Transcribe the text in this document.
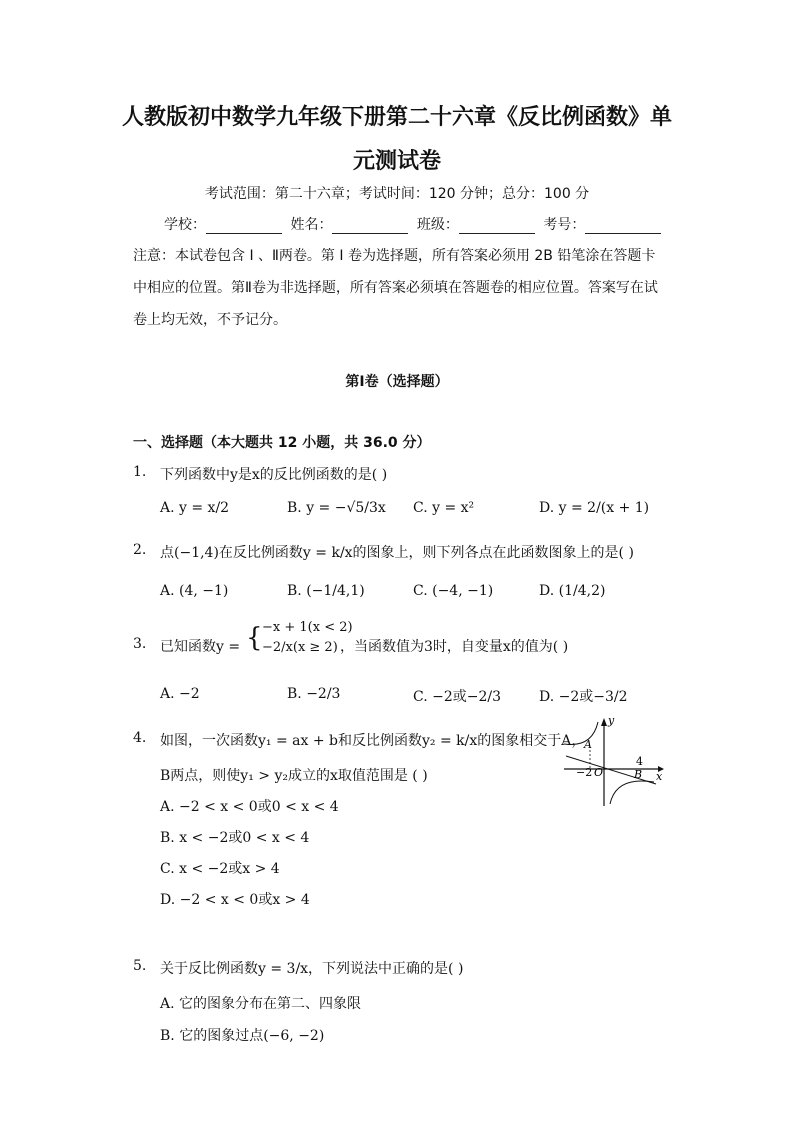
人教版初中数学九年级下册第二十六章《反比例函数》单
元测试卷
考试范围：第二十六章；考试时间：120 分钟；总分：100 分
学校：	姓名：	班级：	考号：
注意：本试卷包含 Ⅰ 、Ⅱ两卷。第 Ⅰ 卷为选择题，所有答案必须用 2B 铅笔涂在答题卡
中相应的位置。第Ⅱ卷为非选择题，所有答案必须填在答题卷的相应位置。答案写在试
卷上均无效，不予记分。
第Ⅰ卷（选择题）
一、选择题（本大题共 12 小题，共 36.0 分）
1. 下列函数中y是x的反比例函数的是( )
A. y = x/2	B. y = −√5/3x C. y = x²	D. y = 2/(x + 1)
2. 点(−1,4)在反比例函数y = k/x的图象上，则下列各点在此函数图象上的是( )
A. (4, −1)	B. (−1/4,1)	C. (−4, −1)	D. (1/4,2)
3. 已知函数y = { −x + 1(x < 2)
−2/x(x ≥ 2) ，当函数值为3时，自变量x的值为( )
A. −2	B. −2/3	C. −2或−2/3	D. −2或−3/2
4. 如图，一次函数y₁ = ax + b和反比例函数y₂ = k/x的图象相交于A，
B两点，则使y₁ > y₂成立的x取值范围是 ( )
A. −2 < x < 0或0 < x < 4
B. x < −2或0 < x < 4
C. x < −2或x > 4
D. −2 < x < 0或x > 4
y
x
A
B
−2 O
4
5. 关于反比例函数y = 3/x，下列说法中正确的是( )
A. 它的图象分布在第二、四象限
B. 它的图象过点(−6, −2)
